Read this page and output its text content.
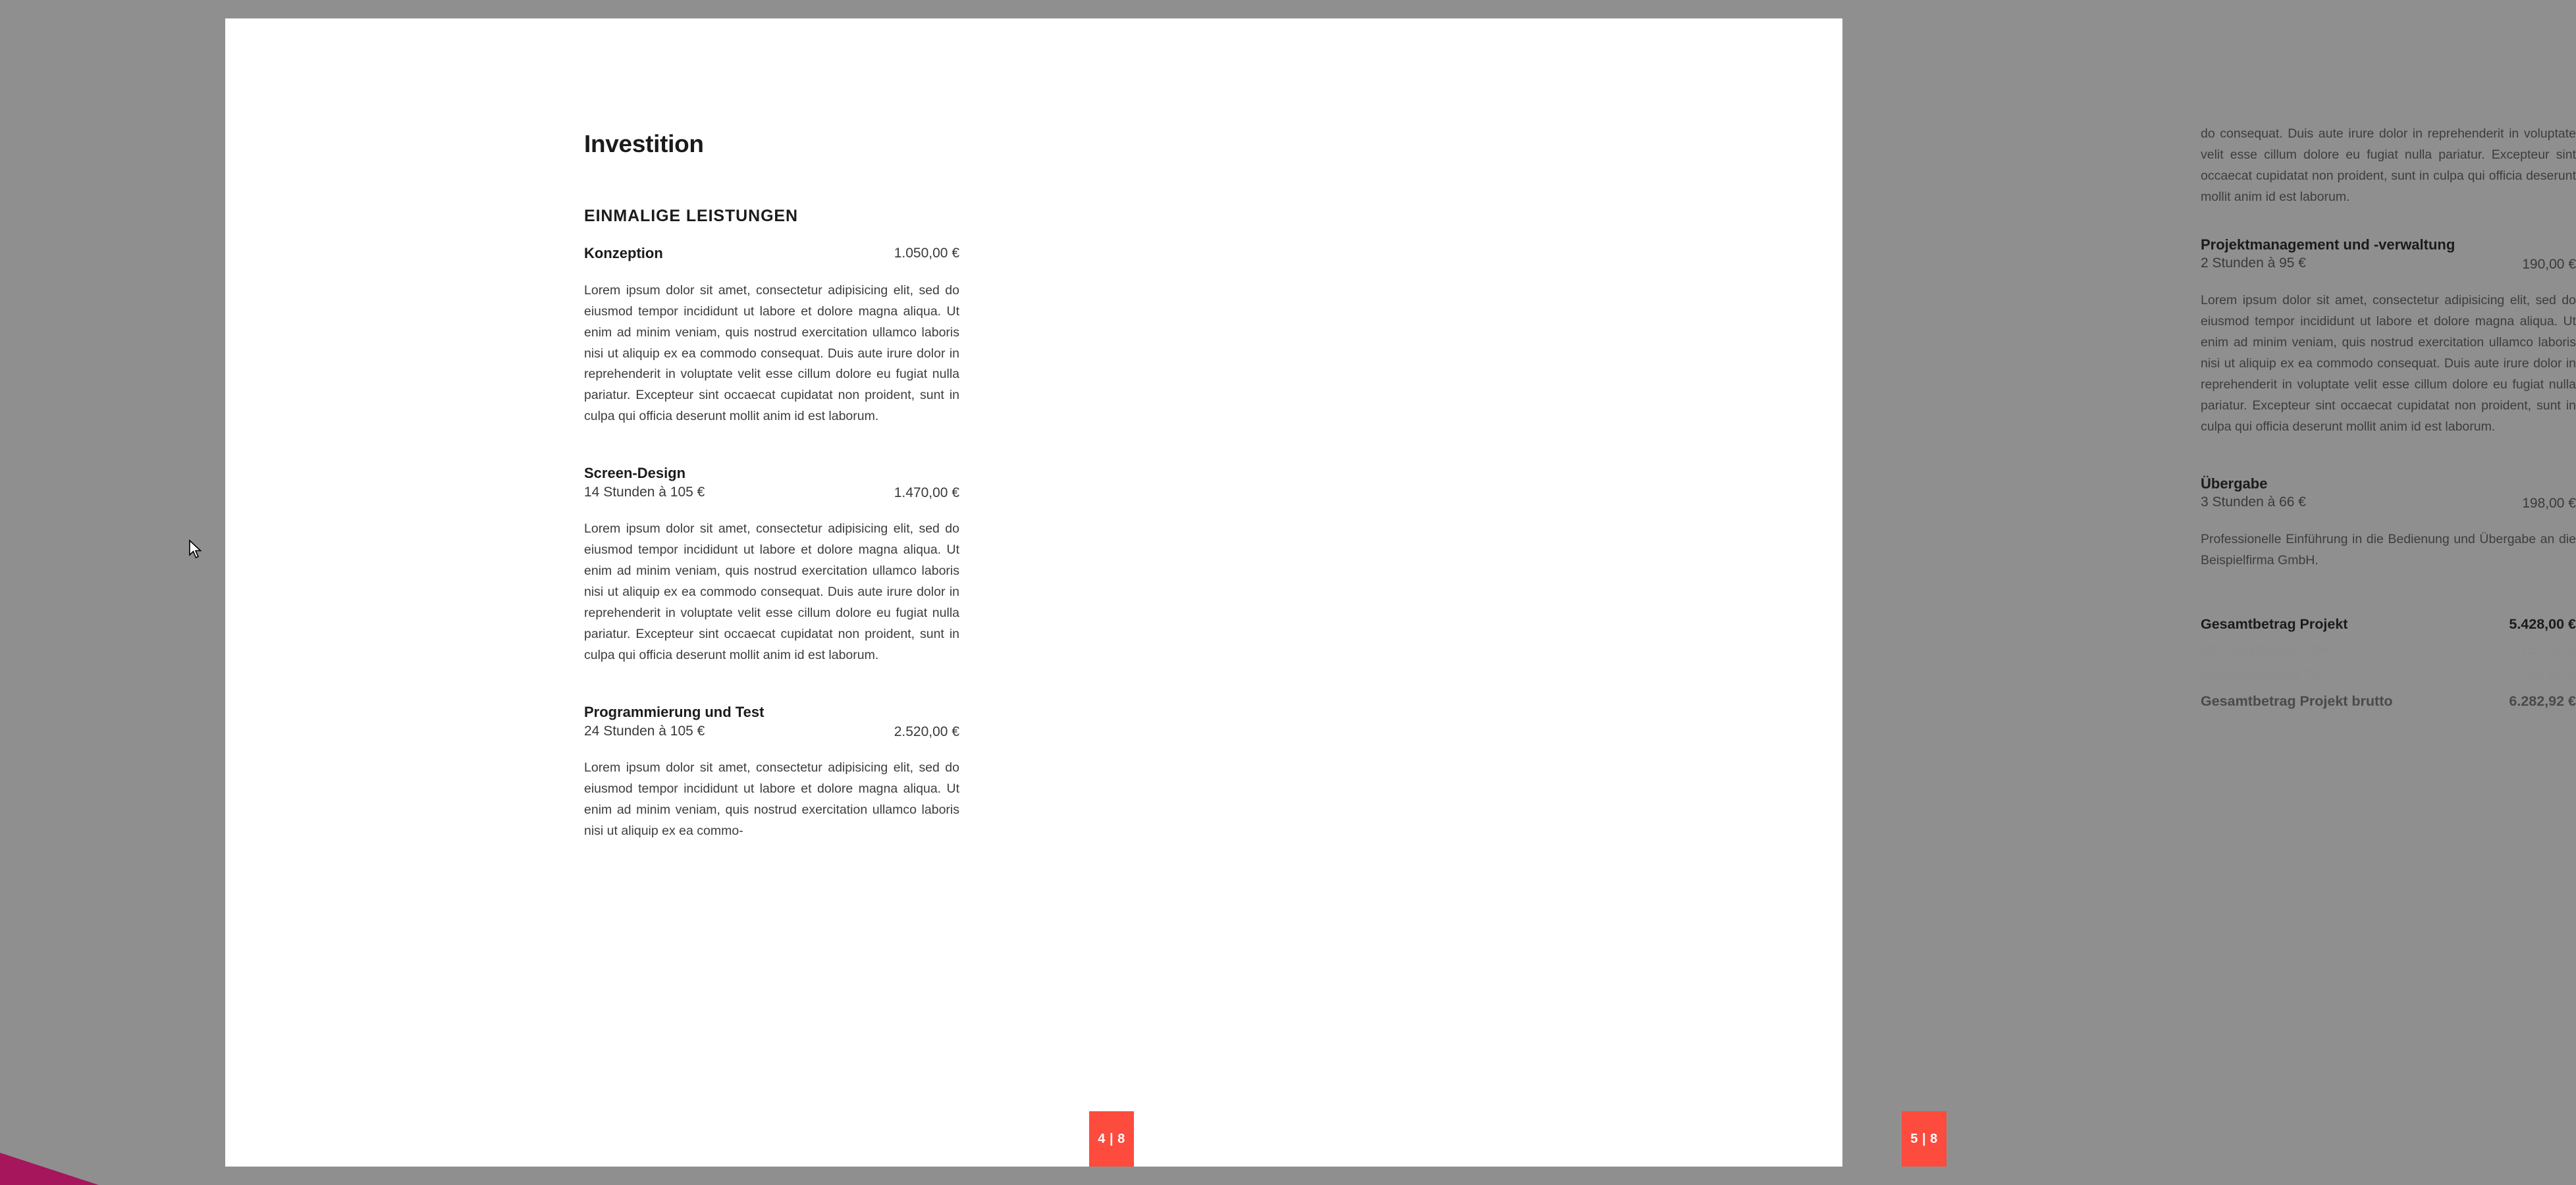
Investition
EINMALIGE LEISTUNGEN
Konzeption	1.050,00 €
Lorem ipsum dolor sit amet, consectetur adipisicing elit, sed do eiusmod tempor incididunt ut labore et dolore magna aliqua. Ut enim ad minim veniam, quis nostrud exercitation ullamco laboris nisi ut aliquip ex ea commodo consequat. Duis aute irure dolor in reprehenderit in voluptate velit esse cillum dolore eu fugiat nulla pariatur. Excepteur sint occaecat cupidatat non proident, sunt in culpa qui officia deserunt mollit anim id est laborum.
Screen-Design
14 Stunden à 105 €	1.470,00 €
Lorem ipsum dolor sit amet, consectetur adipisicing elit, sed do eiusmod tempor incididunt ut labore et dolore magna aliqua. Ut enim ad minim veniam, quis nostrud exercitation ullamco laboris nisi ut aliquip ex ea commodo consequat. Duis aute irure dolor in reprehenderit in voluptate velit esse cillum dolore eu fugiat nulla pariatur. Excepteur sint occaecat cupidatat non proident, sunt in culpa qui officia deserunt mollit anim id est laborum.
Programmierung und Test
24 Stunden à 105 €	2.520,00 €
Lorem ipsum dolor sit amet, consectetur adipisicing elit, sed do eiusmod tempor incididunt ut labore et dolore magna aliqua. Ut enim ad minim veniam, quis nostrud exercitation ullamco laboris nisi ut aliquip ex ea commo-

do consequat. Duis aute irure dolor in reprehenderit in voluptate velit esse cillum dolore eu fugiat nulla pariatur. Excepteur sint occaecat cupidatat non proident, sunt in culpa qui officia deserunt mollit anim id est laborum.

Projektmanagement und -verwaltung
2 Stunden à 95 €	190,00 €
Lorem ipsum dolor sit amet, consectetur adipisicing elit, sed do eiusmod tempor incididunt ut labore et dolore magna aliqua. Ut enim ad minim veniam, quis nostrud exercitation ullamco laboris nisi ut aliquip ex ea commodo consequat. Duis aute irure dolor in reprehenderit in voluptate velit esse cillum dolore eu fugiat nulla pariatur. Excepteur sint occaecat cupidatat non proident, sunt in culpa qui officia deserunt mollit anim id est laborum.
Übergabe
3 Stunden à 66 €	198,00 €
Professionelle Einführung in die Bedienung und Übergabe an die Beispielfirma GmbH.
Gesamtbetrag Projekt	5.428,00 €
Mehrwertsteuer 19%	752,02 €
Mehrwertsteuer 7%	102,90 €
Gesamtbetrag Projekt brutto	6.282,92 €
4 | 8	5 | 8
